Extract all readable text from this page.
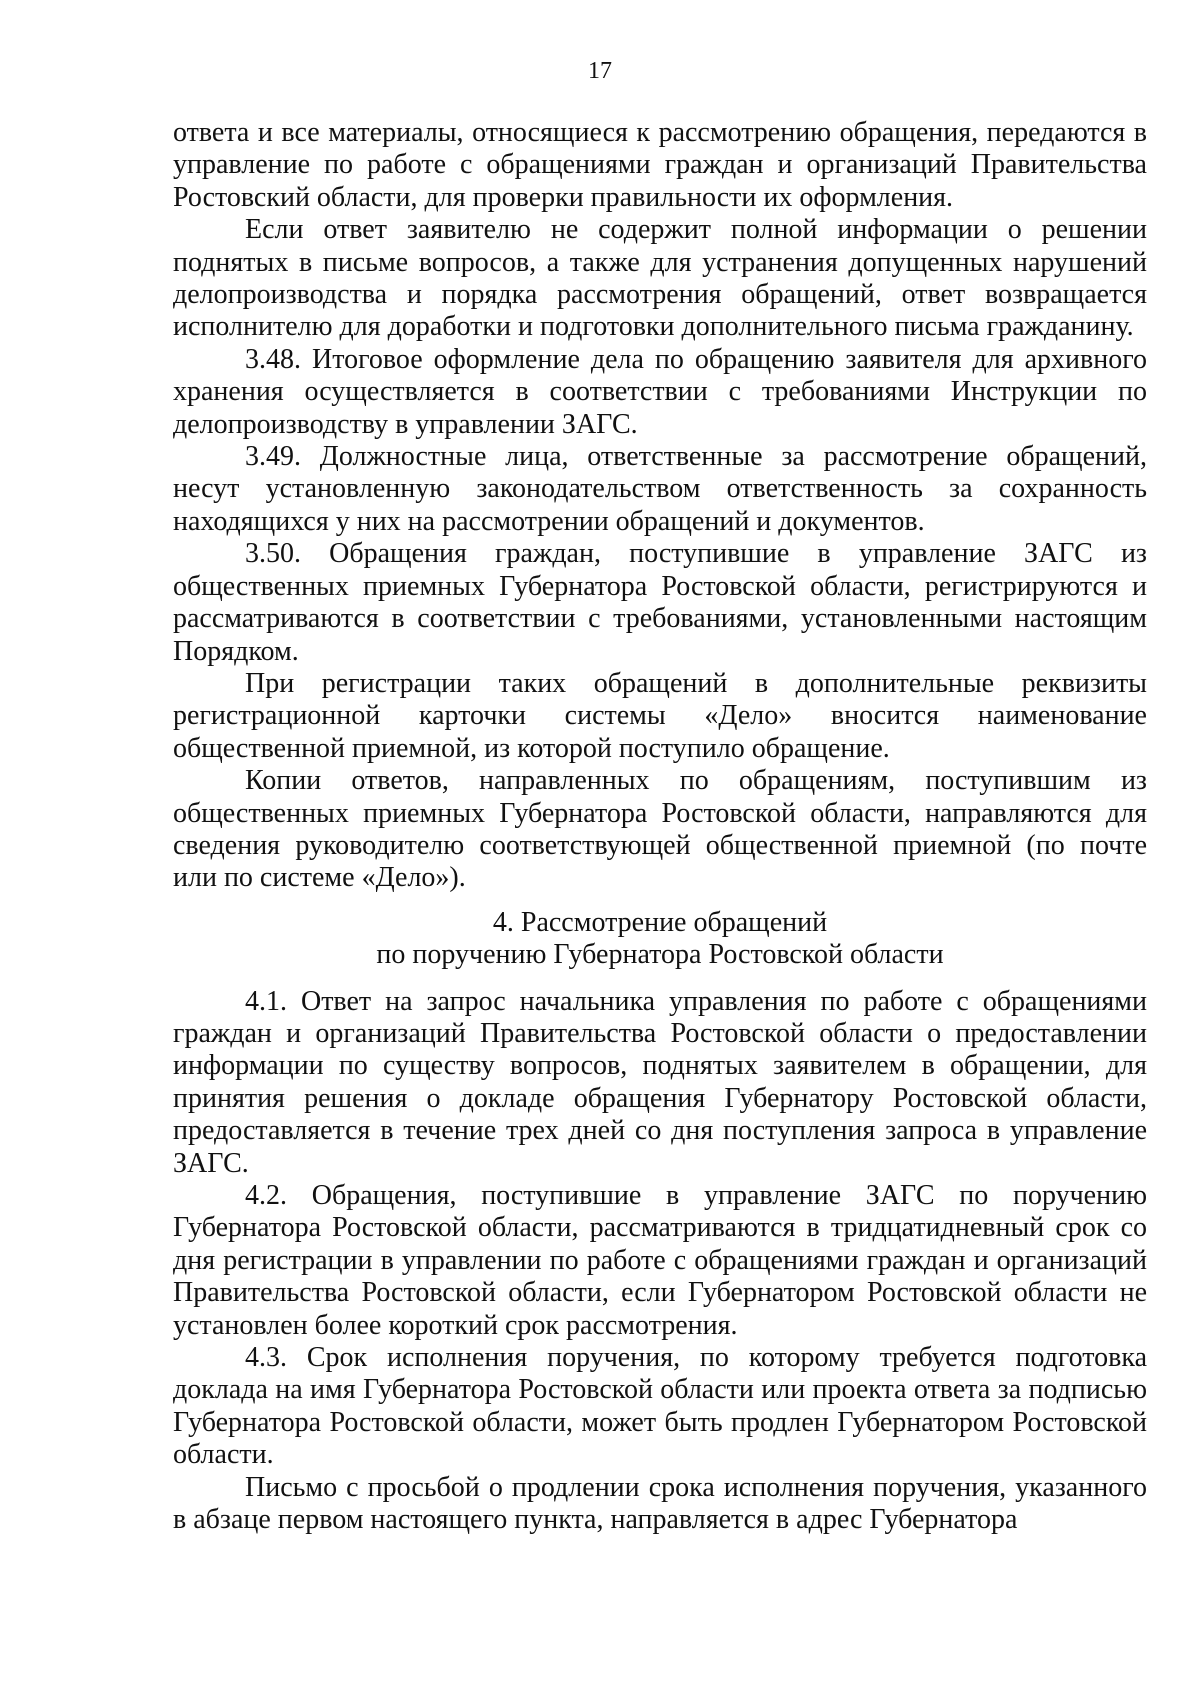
17

ответа и все материалы, относящиеся к рассмотрению обращения, передаются в управление по работе с обращениями граждан и организаций Правительства Ростовский области, для проверки правильности их оформления.

Если ответ заявителю не содержит полной информации о решении поднятых в письме вопросов, а также для устранения допущенных нарушений делопроизводства и порядка рассмотрения обращений, ответ возвращается исполнителю для доработки и подготовки дополнительного письма гражданину.

3.48. Итоговое оформление дела по обращению заявителя для архивного хранения осуществляется в соответствии с требованиями Инструкции по делопроизводству в управлении ЗАГС.

3.49. Должностные лица, ответственные за рассмотрение обращений, несут установленную законодательством ответственность за сохранность находящихся у них на рассмотрении обращений и документов.

3.50. Обращения граждан, поступившие в управление ЗАГС из общественных приемных Губернатора Ростовской области, регистрируются и рассматриваются в соответствии с требованиями, установленными настоящим Порядком.

При регистрации таких обращений в дополнительные реквизиты регистрационной карточки системы «Дело» вносится наименование общественной приемной, из которой поступило обращение.

Копии ответов, направленных по обращениям, поступившим из общественных приемных Губернатора Ростовской области, направляются для сведения руководителю соответствующей общественной приемной (по почте или по системе «Дело»).

4. Рассмотрение обращений
по поручению Губернатора Ростовской области

4.1. Ответ на запрос начальника управления по работе с обращениями граждан и организаций Правительства Ростовской области о предоставлении информации по существу вопросов, поднятых заявителем в обращении, для принятия решения о докладе обращения Губернатору Ростовской области, предоставляется в течение трех дней со дня поступления запроса в управление ЗАГС.

4.2. Обращения, поступившие в управление ЗАГС по поручению Губернатора Ростовской области, рассматриваются в тридцатидневный срок со дня регистрации в управлении по работе с обращениями граждан и организаций Правительства Ростовской области, если Губернатором Ростовской области не установлен более короткий срок рассмотрения.

4.3. Срок исполнения поручения, по которому требуется подготовка доклада на имя Губернатора Ростовской области или проекта ответа за подписью Губернатора Ростовской области, может быть продлен Губернатором Ростовской области.

Письмо с просьбой о продлении срока исполнения поручения, указанного в абзаце первом настоящего пункта, направляется в адрес Губернатора
